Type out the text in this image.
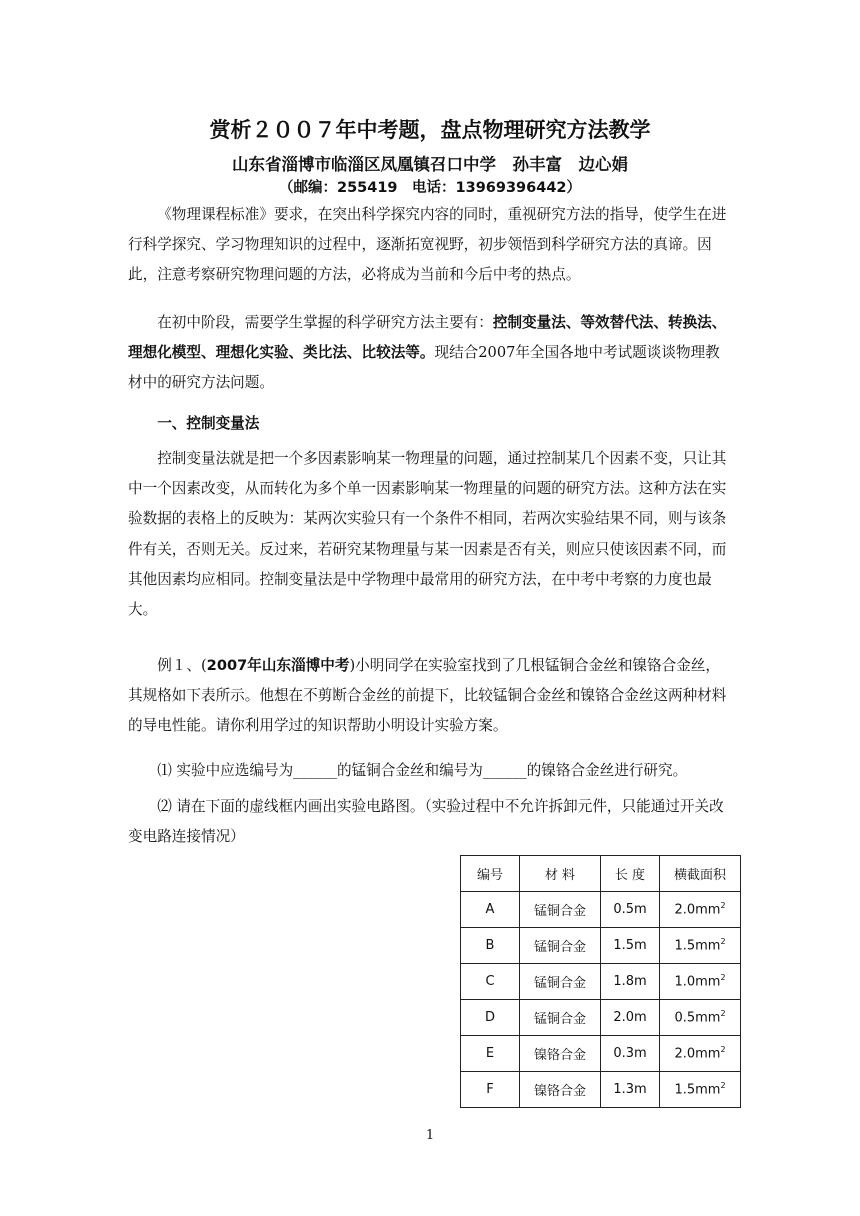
赏析２００７年中考题，盘点物理研究方法教学
山东省淄博市临淄区凤凰镇召口中学　孙丰富　边心娟
（邮编：255419　电话：13969396442）

《物理课程标准》要求，在突出科学探究内容的同时，重视研究方法的指导，使学生在进行科学探究、学习物理知识的过程中，逐渐拓宽视野，初步领悟到科学研究方法的真谛。因此，注意考察研究物理问题的方法，必将成为当前和今后中考的热点。

在初中阶段，需要学生掌握的科学研究方法主要有：控制变量法、等效替代法、转换法、理想化模型、理想化实验、类比法、比较法等。现结合2007年全国各地中考试题谈谈物理教材中的研究方法问题。

一、控制变量法

控制变量法就是把一个多因素影响某一物理量的问题，通过控制某几个因素不变，只让其中一个因素改变，从而转化为多个单一因素影响某一物理量的问题的研究方法。这种方法在实验数据的表格上的反映为：某两次实验只有一个条件不相同，若两次实验结果不同，则与该条件有关，否则无关。反过来，若研究某物理量与某一因素是否有关，则应只使该因素不同，而其他因素均应相同。控制变量法是中学物理中最常用的研究方法，在中考中考察的力度也最大。

例１、(2007年山东淄博中考)小明同学在实验室找到了几根锰铜合金丝和镍铬合金丝，其规格如下表所示。他想在不剪断合金丝的前提下，比较锰铜合金丝和镍铬合金丝这两种材料的导电性能。请你利用学过的知识帮助小明设计实验方案。

⑴ 实验中应选编号为______的锰铜合金丝和编号为______的镍铬合金丝进行研究。

⑵ 请在下面的虚线框内画出实验电路图。（实验过程中不允许拆卸元件，只能通过开关改变电路连接情况）

编号	材 料	长 度	横截面积
A	锰铜合金	0.5m	$2.0mm^2$
B	锰铜合金	1.5m	$1.5mm^2$
C	锰铜合金	1.8m	$1.0mm^2$
D	锰铜合金	2.0m	$0.5mm^2$
E	镍铬合金	0.3m	$2.0mm^2$
F	镍铬合金	1.3m	$1.5mm^2$
1
